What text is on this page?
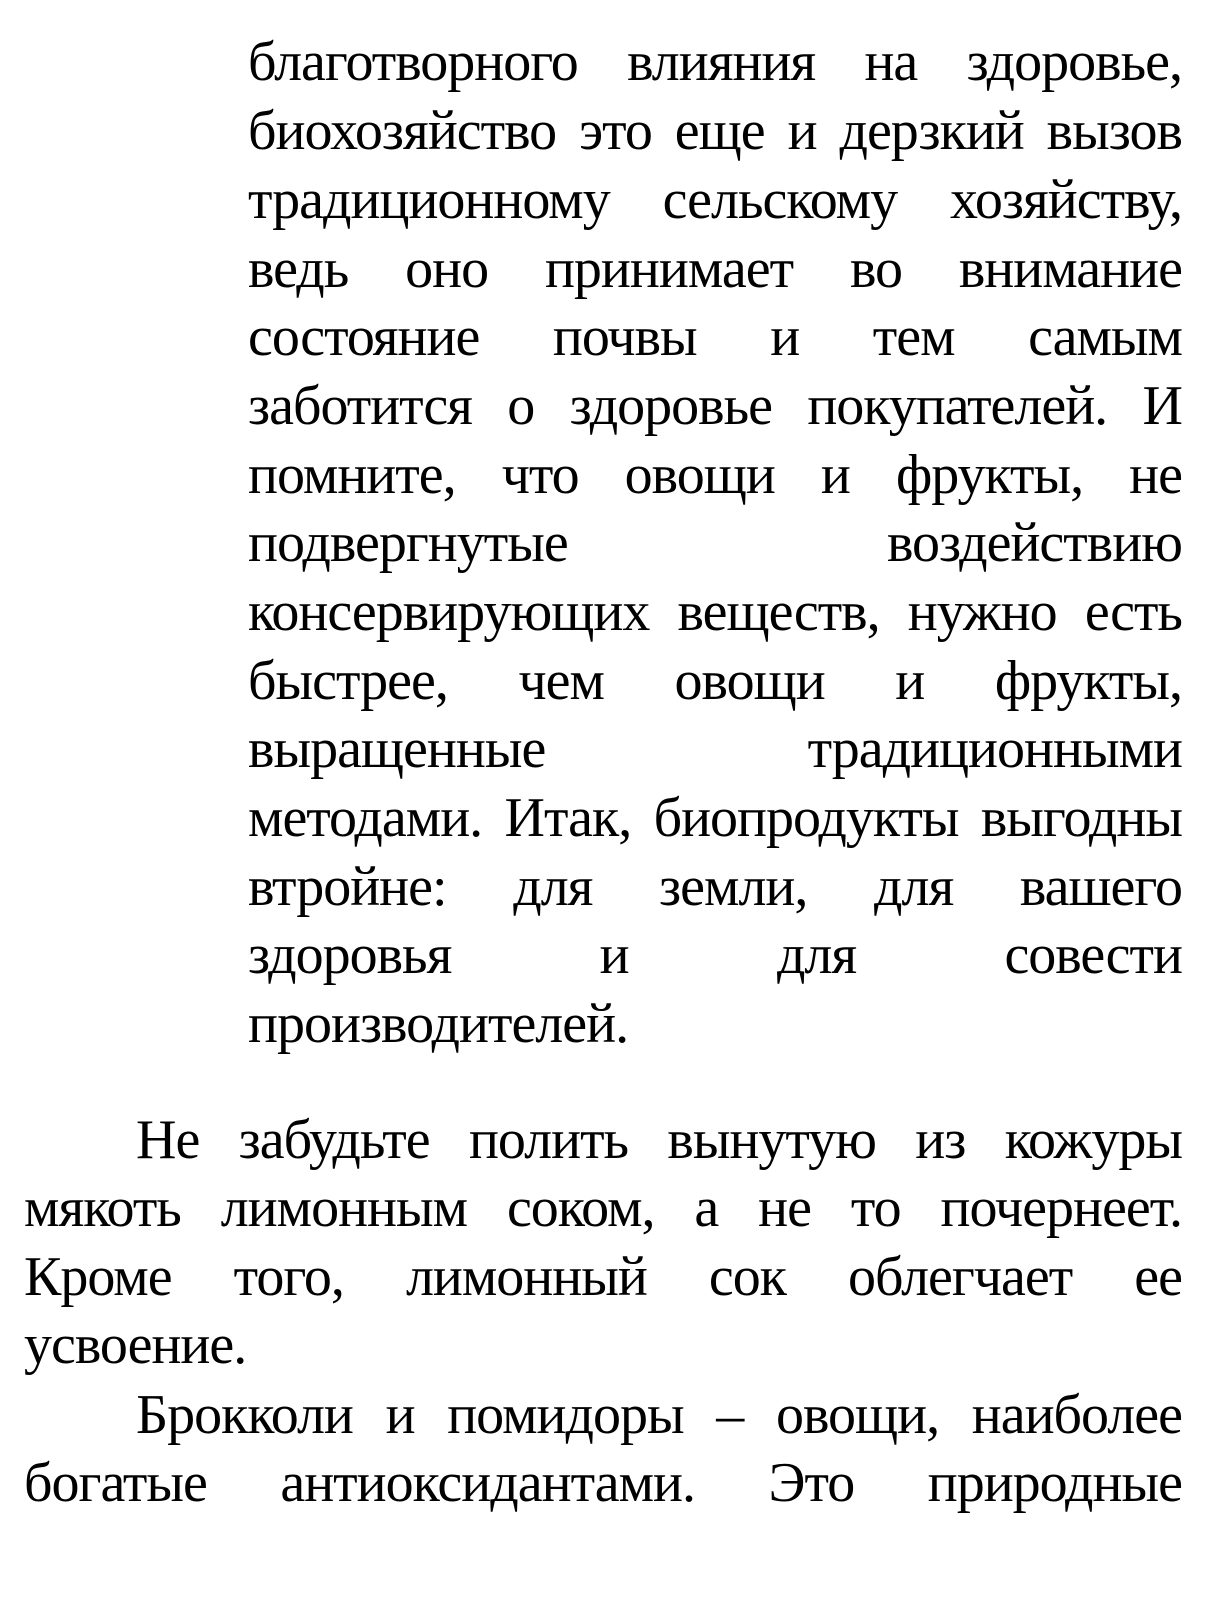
благотворного влияния на здоровье,
биохозяйство это еще и дерзкий вызов
традиционному сельскому хозяйству,
ведь оно принимает во внимание
состояние почвы и тем самым
заботится о здоровье покупателей. И
помните, что овощи и фрукты, не
подвергнутые	воздействию
консервирующих веществ, нужно есть
быстрее, чем овощи и фрукты,
выращенные	традиционными
методами. Итак, биопродукты выгодны
втройне: для земли, для вашего
здоровья	и	для	совести
производителей.
Не забудьте полить вынутую из кожуры
мякоть лимонным соком, а не то почернеет.
Кроме того, лимонный сок облегчает ее
усвоение.
Брокколи и помидоры – овощи, наиболее
богатые антиоксидантами. Это природные
